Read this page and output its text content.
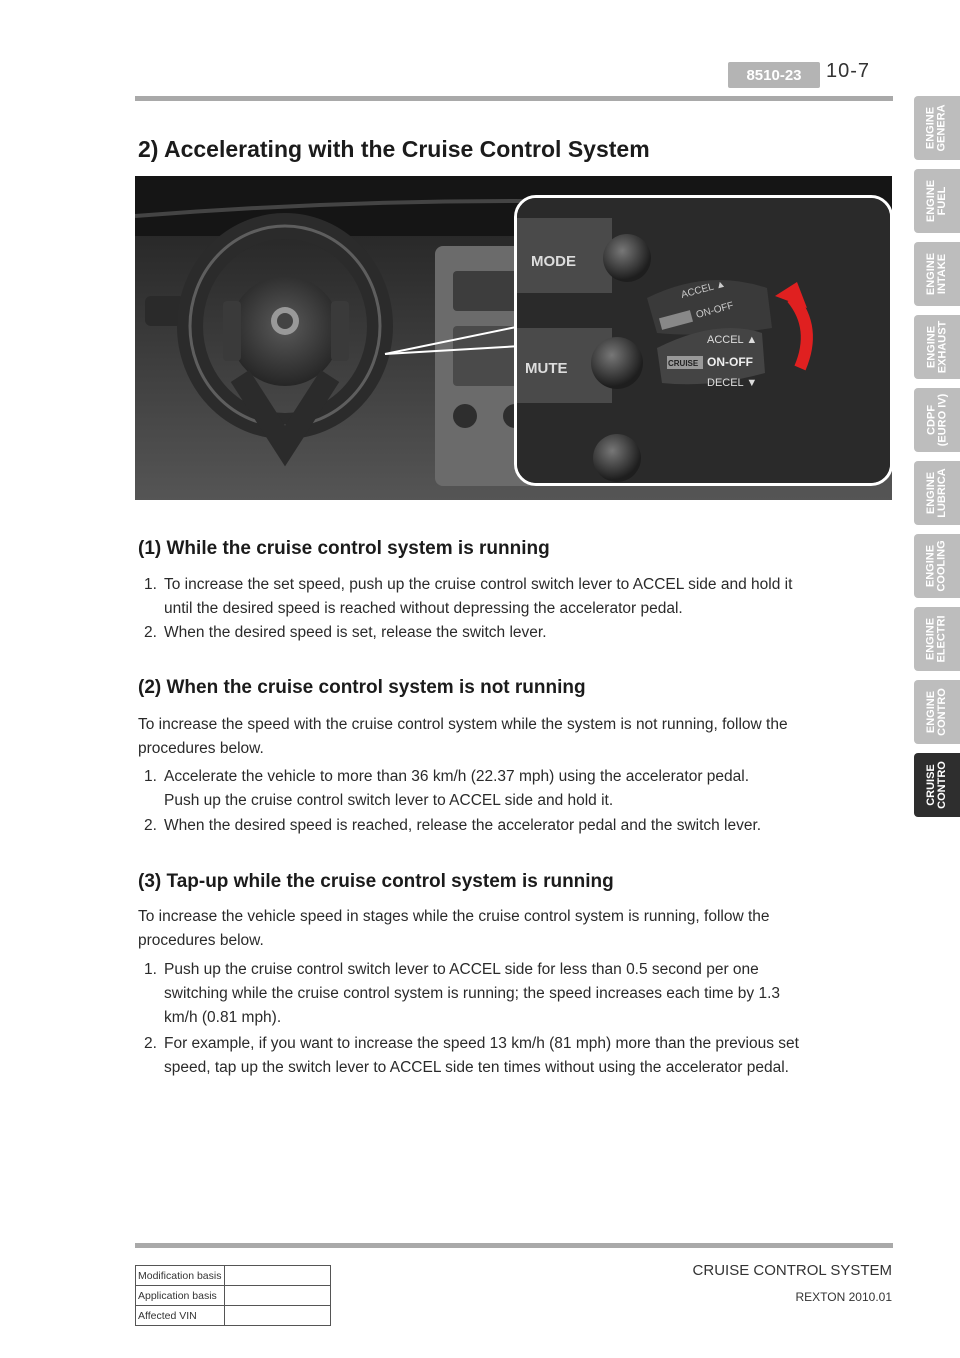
8510-23	10-7
ENGINE
GENERA
ENGINE
FUEL
ENGINE
INTAKE
ENGINE
EXHAUST
CDPF
(EURO IV)
ENGINE
LUBRICA
ENGINE
COOLING
ENGINE
ELECTRI
ENGINE
CONTRO
CRUISE
CONTRO
2) Accelerating with the Cruise Control System
MODE
MUTE
ACCEL ▲
ON-OFF
ACCEL ▲
ON-OFF
DECEL ▼
CRUISE
(1) While the cruise control system is running
1. To increase the set speed, push up the cruise control switch lever to ACCEL side and hold it
until the desired speed is reached without depressing the accelerator pedal.
2. When the desired speed is set, release the switch lever.
(2) When the cruise control system is not running
To increase the speed with the cruise control system while the system is not running, follow the
procedures below.
1. Accelerate the vehicle to more than 36 km/h (22.37 mph) using the accelerator pedal.
Push up the cruise control switch lever to ACCEL side and hold it.
2. When the desired speed is reached, release the accelerator pedal and the switch lever.
(3) Tap-up while the cruise control system is running
To increase the vehicle speed in stages while the cruise control system is running, follow the
procedures below.
1. Push up the cruise control switch lever to ACCEL side for less than 0.5 second per one
switching while the cruise control system is running; the speed increases each time by 1.3
km/h (0.81 mph).
2. For example, if you want to increase the speed 13 km/h (81 mph) more than the previous set
speed, tap up the switch lever to ACCEL side ten times without using the accelerator pedal.
Modification basis	
Application basis	
Affected VIN	
CRUISE CONTROL SYSTEM
REXTON 2010.01
